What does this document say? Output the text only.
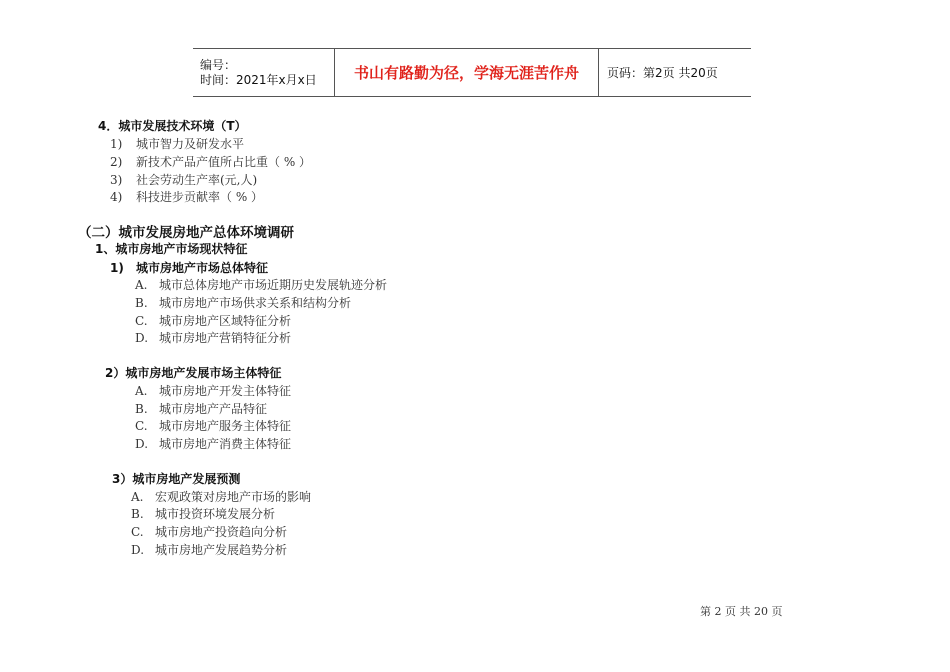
编号：
时间：2021年x月x日	书山有路勤为径，学海无涯苦作舟 页码：第2页 共20页
4．城市发展技术环境（T）
1) 城市智力及研发水平
2) 新技术产品产值所占比重（ % ）
3) 社会劳动生产率(元,人)
4) 科技进步贡献率（ % ）
（二）城市发展房地产总体环境调研
1、城市房地产市场现状特征
1) 城市房地产市场总体特征
A. 城市总体房地产市场近期历史发展轨迹分析
B. 城市房地产市场供求关系和结构分析
C. 城市房地产区域特征分析
D. 城市房地产营销特征分析
2）城市房地产发展市场主体特征
A. 城市房地产开发主体特征
B. 城市房地产产品特征
C. 城市房地产服务主体特征
D. 城市房地产消费主体特征
3）城市房地产发展预测
A. 宏观政策对房地产市场的影响
B. 城市投资环境发展分析
C. 城市房地产投资趋向分析
D. 城市房地产发展趋势分析
第 2 页 共 20 页
